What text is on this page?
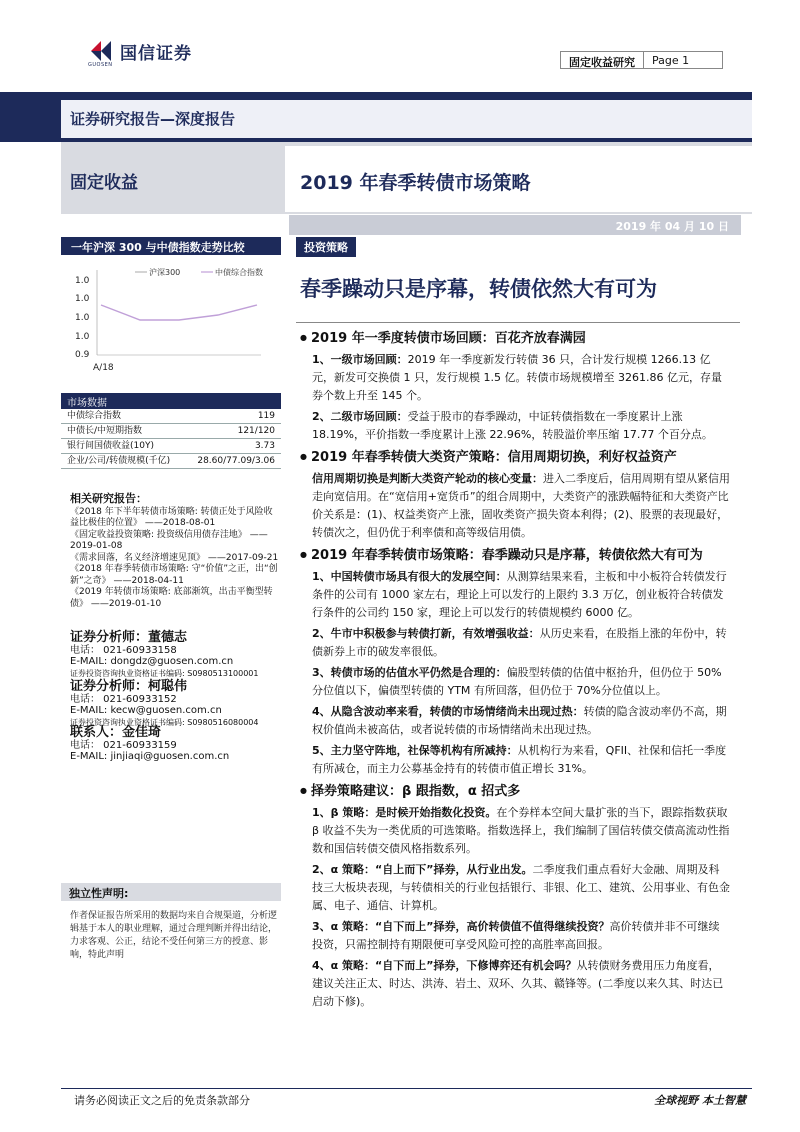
国信证券
GUOSEN	固定收益研究	Page 1
证券研究报告—深度报告
固定收益	2019 年春季转债市场策略
2019 年 04 月 10 日
一年沪深 300 与中债指数走势比较
沪深300	中债综合指数
1.0
1.0
1.0
1.0
0.9
A/18
市场数据
中债综合指数	119
中债长/中短期指数	121/120
银行间国债收益(10Y)	3.73
企业/公司/转债规模(千亿)	28.60/77.09/3.06
相关研究报告：
《2018 年下半年转债市场策略: 转债正处于风险收益比极佳的位置》 ——2018-08-01
《固定收益投资策略: 投资级信用债存洼地》 ——2019-01-08
《需求回落，名义经济增速见顶》 ——2017-09-21
《2018 年春季转债市场策略: 守“价值”之正，出“创新”之奇》 ——2018-04-11
《2019 年转债市场策略: 底部渐筑，出击平衡型转债》 ——2019-01-10
证券分析师：董德志
电话： 021-60933158
E-MAIL: dongdz@guosen.com.cn
证券投资咨询执业资格证书编码: S0980513100001
证券分析师：柯聪伟
电话： 021-60933152
E-MAIL: kecw@guosen.com.cn
证券投资咨询执业资格证书编码: S0980516080004
联系人：金佳琦
电话： 021-60933159
E-MAIL: jinjiaqi@guosen.com.cn
独立性声明:
作者保证报告所采用的数据均来自合规渠道，分析逻辑基于本人的职业理解，通过合理判断并得出结论，力求客观、公正，结论不受任何第三方的授意、影响，特此声明
投资策略
春季躁动只是序幕，转债依然大有可为
● 2019 年一季度转债市场回顾：百花齐放春满园
1、一级市场回顾：2019 年一季度新发行转债 36 只，合计发行规模 1266.13 亿元，新发可交换债 1 只，发行规模 1.5 亿。转债市场规模增至 3261.86 亿元，存量券个数上升至 145 个。
2、二级市场回顾：受益于股市的春季躁动，中证转债指数在一季度累计上涨 18.19%，平价指数一季度累计上涨 22.96%，转股溢价率压缩 17.77 个百分点。
● 2019 年春季转债大类资产策略：信用周期切换，利好权益资产
信用周期切换是判断大类资产轮动的核心变量：进入二季度后，信用周期有望从紧信用走向宽信用。在“宽信用+宽货币”的组合周期中，大类资产的涨跌幅特征和大类资产比价关系是：(1)、权益类资产上涨，固收类资产损失资本利得；(2)、股票的表现最好，转债次之，但仍优于利率债和高等级信用债。
● 2019 年春季转债市场策略：春季躁动只是序幕，转债依然大有可为
1、中国转债市场具有很大的发展空间：从测算结果来看，主板和中小板符合转债发行条件的公司有 1000 家左右，理论上可以发行的上限约 3.3 万亿，创业板符合转债发行条件的公司约 150 家，理论上可以发行的转债规模约 6000 亿。
2、牛市中积极参与转债打新，有效增强收益：从历史来看，在股指上涨的年份中，转债新券上市的破发率很低。
3、转债市场的估值水平仍然是合理的：偏股型转债的估值中枢抬升，但仍位于 50%分位值以下，偏债型转债的 YTM 有所回落，但仍位于 70%分位值以上。
4、从隐含波动率来看，转债的市场情绪尚未出现过热：转债的隐含波动率仍不高，期权价值尚未被高估，或者说转债的市场情绪尚未出现过热。
5、主力坚守阵地，社保等机构有所减持：从机构行为来看，QFII、社保和信托一季度有所减仓，而主力公募基金持有的转债市值正增长 31%。
● 择券策略建议：β 跟指数，α 招式多
1、β 策略：是时候开始指数化投资。在个券样本空间大量扩张的当下，跟踪指数获取 β 收益不失为一类优质的可选策略。指数选择上，我们编制了国信转债交债高流动性指数和国信转债交债风格指数系列。
2、α 策略：“自上而下”择券，从行业出发。二季度我们重点看好大金融、周期及科技三大板块表现，与转债相关的行业包括银行、非银、化工、建筑、公用事业、有色金属、电子、通信、计算机。
3、α 策略：“自下而上”择券，高价转债值不值得继续投资？高价转债并非不可继续投资，只需控制持有期限便可享受风险可控的高胜率高回报。
4、α 策略：“自下而上”择券，下修博弈还有机会吗？从转债财务费用压力角度看，建议关注正太、时达、洪涛、岩土、双环、久其、赣锋等。(二季度以来久其、时达已启动下修)。
请务必阅读正文之后的免责条款部分	全球视野 本土智慧
